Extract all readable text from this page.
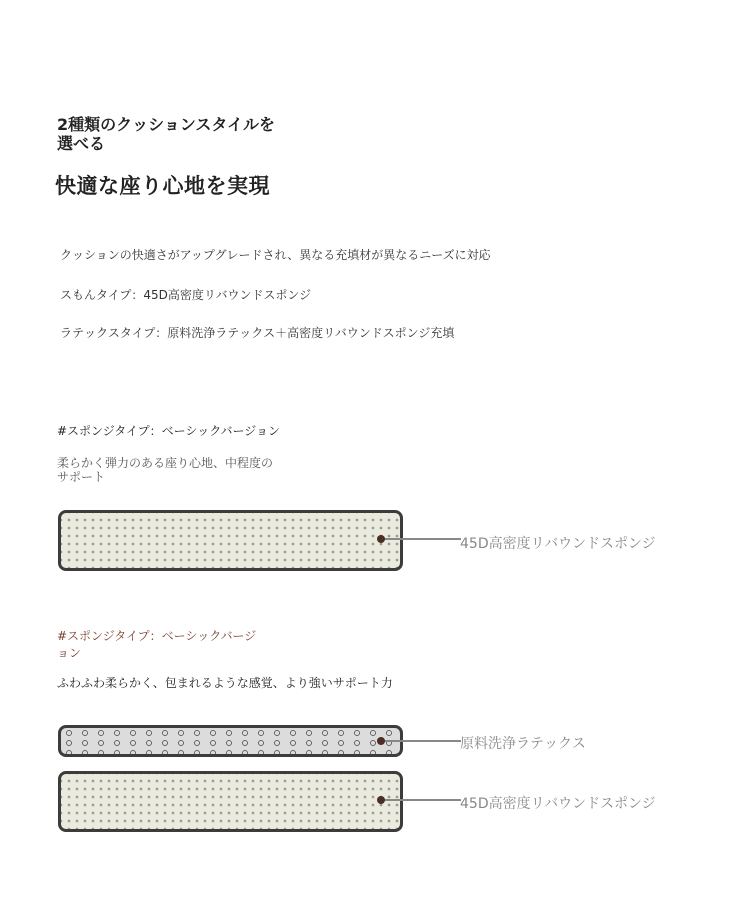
2種類のクッションスタイルを選べる
快適な座り心地を実現
クッションの快適さがアップグレードされ、異なる充填材が異なるニーズに対応
スもんタイプ：45D高密度リバウンドスポンジ
ラテックスタイプ：原料洗浄ラテックス＋高密度リバウンドスポンジ充填
#スポンジタイプ：ベーシックバージョン
柔らかく弾力のある座り心地、中程度のサポート
45D高密度リバウンドスポンジ
#スポンジタイプ：ベーシックバージョン
ふわふわ柔らかく、包まれるような感覚、より強いサポート力
原料洗浄ラテックス
45D高密度リバウンドスポンジ
